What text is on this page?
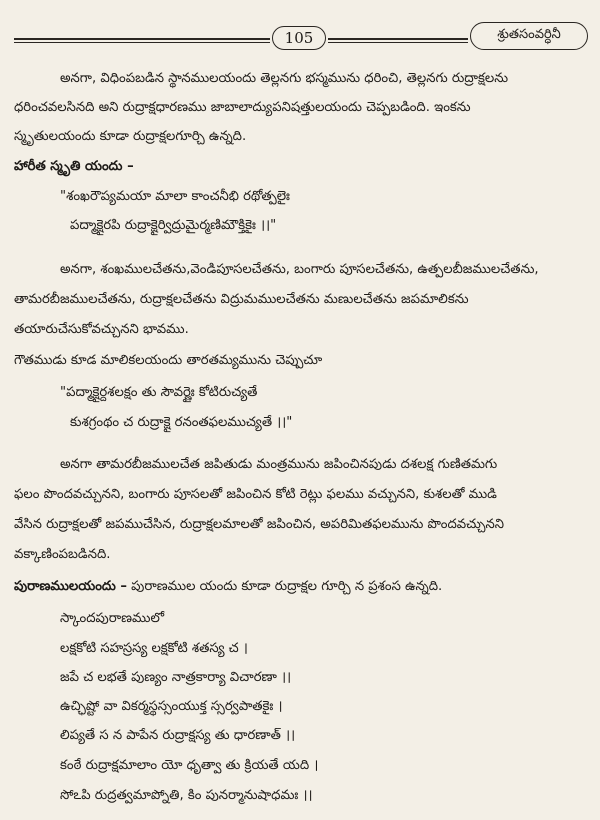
105	శ్రుతసంవర్ధినీ
అనగా, విధింపబడిన స్థానములయందు తెల్లనగు భస్మమును ధరించి, తెల్లనగు రుద్రాక్షలను
ధరించవలసినది అని రుద్రాక్షధారణము జాబాలాద్యుపనిషత్తులయందు చెప్పబడింది. ఇంకను
స్మృతులయందు కూడా రుద్రాక్షలగూర్చి ఉన్నది.
హారీత స్మృతి యందు –
"శంఖరౌప్యమయా మాలా కాంచనీభి రథోత్పలైః
పద్మాక్షైరపి రుద్రాక్షైర్విద్రుమైర్మణిమౌక్తికైః ।।"
అనగా, శంఖములచేతను,వెండిపూసలచేతను, బంగారు పూసలచేతను, ఉత్పలబీజములచేతను,
తామరబీజములచేతను, రుద్రాక్షలచేతను విద్రుమములచేతను మణులచేతను జపమాలికను
తయారుచేసుకోవచ్చునని భావము.
గౌతముడు కూడ మాలికలయందు తారతమ్యమును చెప్పుచూ
"పద్మాక్షైర్దశలక్షం తు సౌవర్ణైః కోటిరుచ్యతే
కుశగ్రంథం చ రుద్రాక్షై రనంతఫలముచ్యతే ।।"
అనగా తామరబీజములచేత జపితుడు మంత్రమును జపించినపుడు దశలక్ష గుణితమగు
ఫలం పొందవచ్చునని, బంగారు పూసలతో జపించిన కోటి రెట్లు ఫలము వచ్చునని, కుశలతో ముడి
వేసిన రుద్రాక్షలతో జపముచేసిన, రుద్రాక్షలమాలతో జపించిన, అపరిమితఫలమును పొందవచ్చునని
వక్కాణింపబడినది.
పురాణములయందు – పురాణముల యందు కూడా రుద్రాక్షల గూర్చి న ప్రశంస ఉన్నది.
స్కాందపురాణములో
లక్షకోటి సహస్రస్య లక్షకోటి శతస్య చ ।
జపే చ లభతే పుణ్యం నాత్రకార్యా విచారణా ।।
ఉచ్ఛిష్టో వా వికర్మస్థస్సంయుక్త స్సర్వపాతకైః ।
లిప్యతే స న పాపేన రుద్రాక్షస్య తు ధారణాత్ ।।
కంఠే రుద్రాక్షమాలాం యో ధృత్వా తు క్రియతే యది ।
సోఽపి రుద్రత్వమాప్నోతి, కిం పునర్మానుషాధమః ।।
